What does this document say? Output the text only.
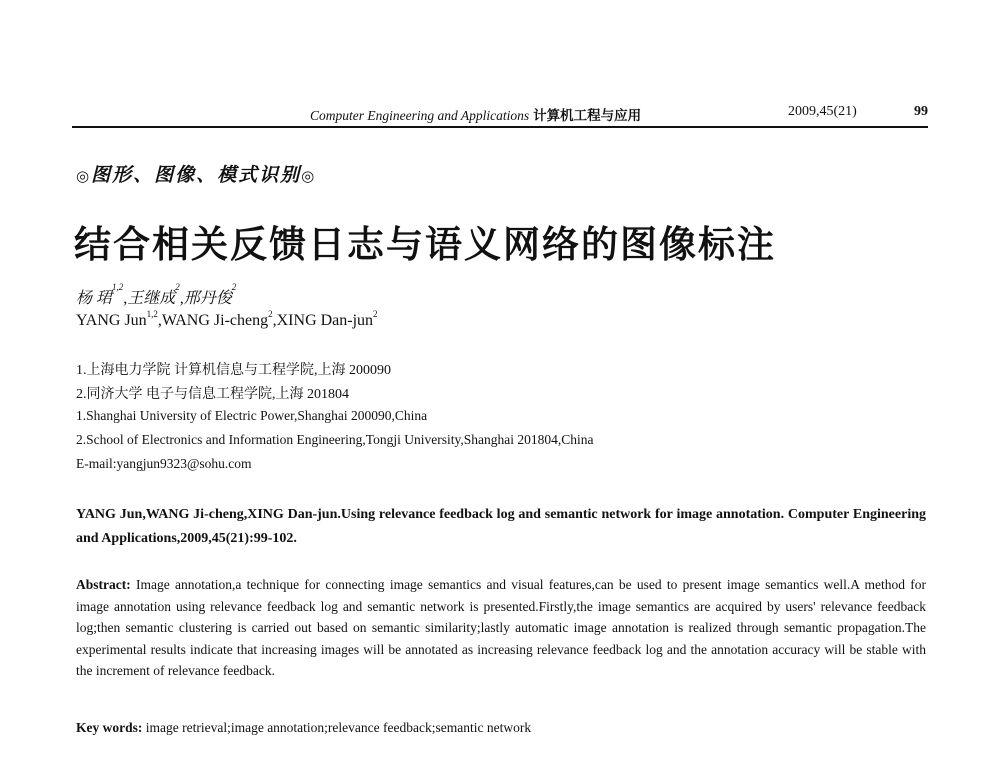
Computer Engineering and Applications 计算机工程与应用	2009,45(21)	99
◎图形、图像、模式识别◎
结合相关反馈日志与语义网络的图像标注
杨 珺$^{1,2}$,王继成$^2$,邢丹俊$^2$
YANG Jun$^{1,2}$,WANG Ji-cheng$^2$,XING Dan-jun$^2$
1.上海电力学院 计算机信息与工程学院,上海 200090
2.同济大学 电子与信息工程学院,上海 201804
1.Shanghai University of Electric Power,Shanghai 200090,China
2.School of Electronics and Information Engineering,Tongji University,Shanghai 201804,China
E-mail:yangjun9323@sohu.com
YANG Jun,WANG Ji-cheng,XING Dan-jun.Using relevance feedback log and semantic network for image annotation. Computer Engineering and Applications,2009,45(21):99-102.
Abstract: Image annotation,a technique for connecting image semantics and visual features,can be used to present image semantics well.A method for image annotation using relevance feedback log and semantic network is presented.Firstly,the image semantics are acquired by users' relevance feedback log;then semantic clustering is carried out based on semantic similarity;lastly automatic image annotation is realized through semantic propagation.The experimental results indicate that increasing images will be annotated as increasing relevance feedback log and the annotation accuracy will be stable with the increment of relevance feedback.
Key words: image retrieval;image annotation;relevance feedback;semantic network
